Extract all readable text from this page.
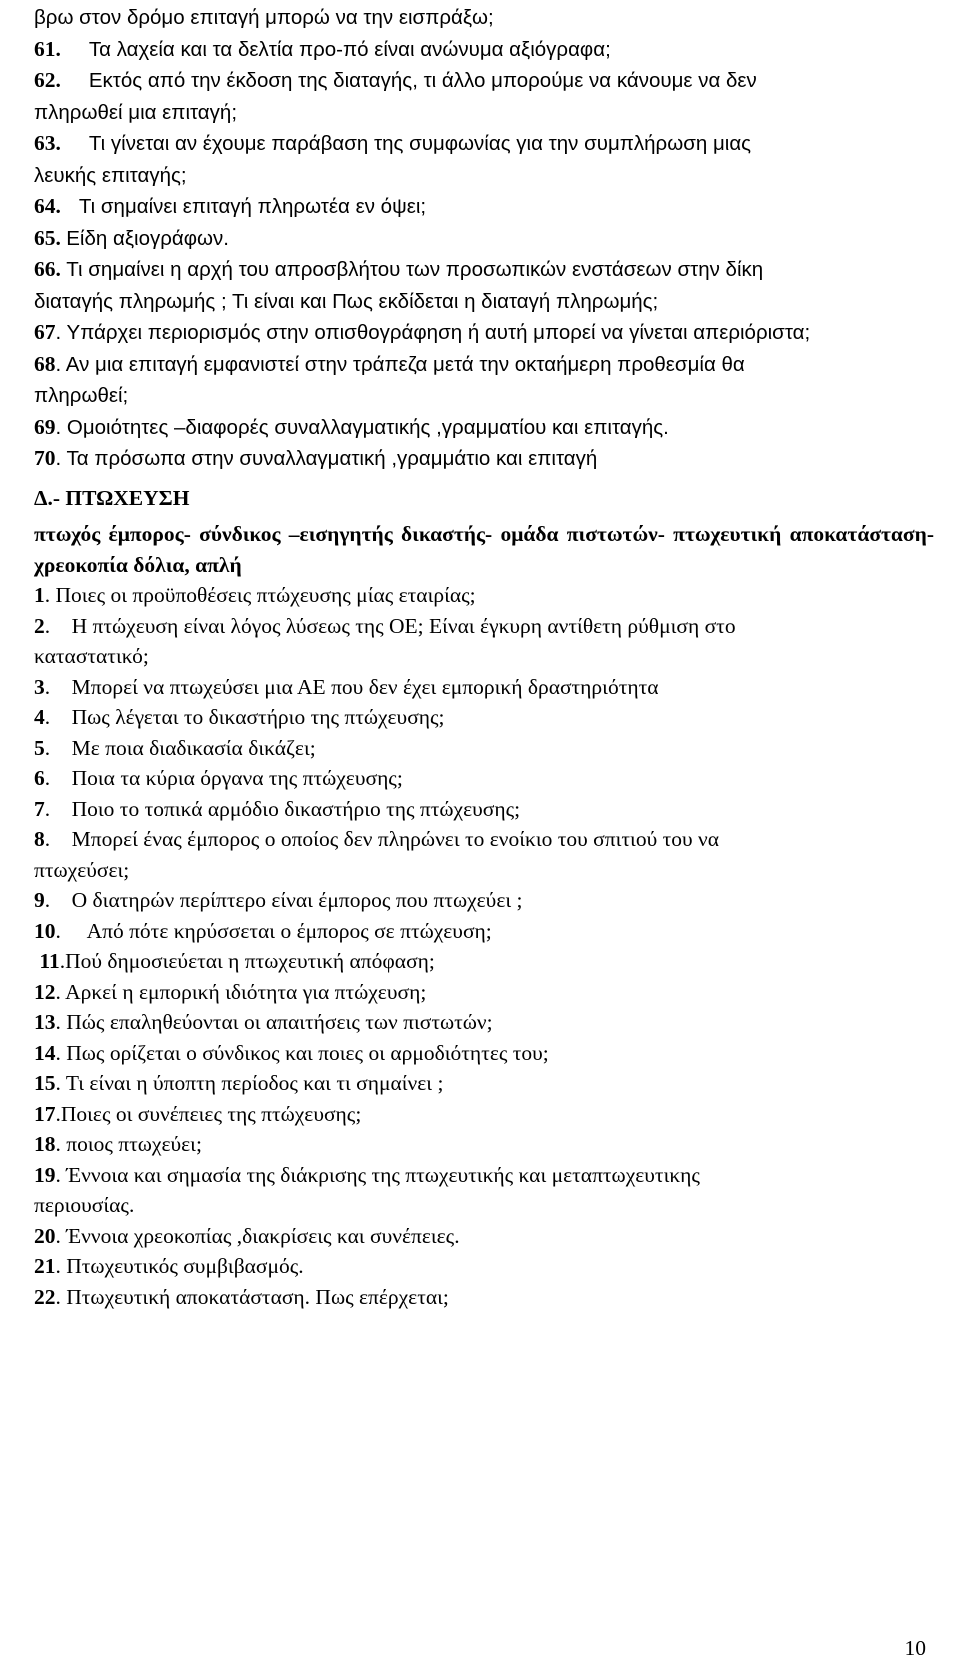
βρω στον δρόμο επιταγή μπορώ να την εισπράξω;
61. Τα λαχεία και τα δελτία προ-πό είναι ανώνυμα αξιόγραφα;
62. Εκτός από την έκδοση της διαταγής, τι άλλο μπορούμε να κάνουμε να δεν
πληρωθεί μια επιταγή;
63. Τι γίνεται αν έχουμε παράβαση της συμφωνίας για την συμπλήρωση μιας
λευκής επιταγής;
64. Τι σημαίνει επιταγή πληρωτέα εν όψει;
65. Είδη αξιογράφων.
66. Τι σημαίνει η αρχή του απροσβλήτου των προσωπικών ενστάσεων στην δίκη
διαταγής πληρωμής ; Τι είναι και Πως εκδίδεται η διαταγή πληρωμής;
67. Υπάρχει περιορισμός στην οπισθογράφηση ή αυτή μπορεί να γίνεται απεριόριστα;
68. Αν μια επιταγή εμφανιστεί στην τράπεζα μετά την οκταήμερη προθεσμία θα
πληρωθεί;
69. Ομοιότητες –διαφορές συναλλαγματικής ,γραμματίου και επιταγής.
70. Τα πρόσωπα στην συναλλαγματική ,γραμμάτιο και επιταγή
Δ.- ΠΤΩΧΕΥΣΗ
πτωχός έμπορος- σύνδικος –εισηγητής δικαστής- ομάδα πιστωτών- πτωχευτική αποκατάσταση- χρεοκοπία δόλια, απλή
1. Ποιες οι προϋποθέσεις πτώχευσης μίας εταιρίας;
2.    Η πτώχευση είναι λόγος λύσεως της ΟΕ; Είναι έγκυρη αντίθετη ρύθμιση στο
καταστατικό;
3.    Μπορεί να πτωχεύσει μια ΑΕ που δεν έχει εμπορική δραστηριότητα
4.    Πως λέγεται το δικαστήριο της πτώχευσης;
5.    Με ποια διαδικασία δικάζει;
6.    Ποια τα κύρια όργανα της πτώχευσης;
7.    Ποιο το τοπικά αρμόδιο δικαστήριο της πτώχευσης;
8.    Μπορεί ένας έμπορος ο οποίος δεν πληρώνει το ενοίκιο του σπιτιού του να
πτωχεύσει;
9.    Ο διατηρών περίπτερο είναι έμπορος που πτωχεύει ;
10.     Από πότε κηρύσσεται ο έμπορος σε πτώχευση;
11.Πού δημοσιεύεται η πτωχευτική απόφαση;
12. Αρκεί η εμπορική ιδιότητα για πτώχευση;
13. Πώς επαληθεύονται οι απαιτήσεις των πιστωτών;
14. Πως ορίζεται ο σύνδικος και ποιες οι αρμοδιότητες του;
15. Τι είναι η ύποπτη περίοδος και τι σημαίνει ;
17.Ποιες οι συνέπειες της πτώχευσης;
18. ποιος πτωχεύει;
19. Έννοια και σημασία της διάκρισης της πτωχευτικής και μεταπτωχευτικης
περιουσίας.
20. Έννοια χρεοκοπίας ,διακρίσεις και συνέπειες.
21. Πτωχευτικός συμβιβασμός.
22. Πτωχευτική αποκατάσταση. Πως επέρχεται;
10
